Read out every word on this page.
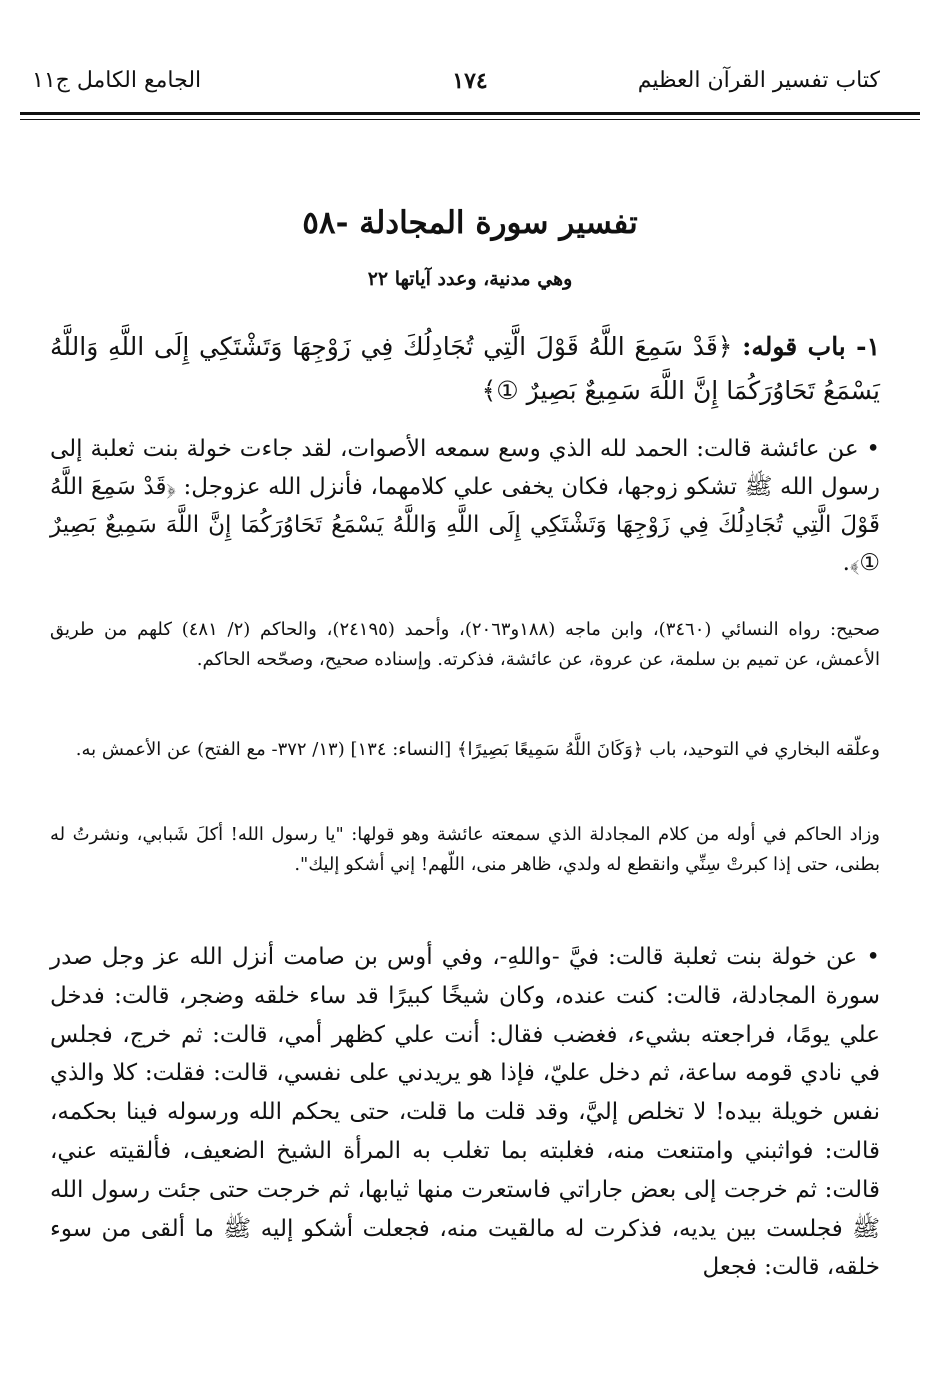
كتاب تفسير القرآن العظيم
١٧٤
الجامع الكامل ج١١
تفسير سورة المجادلة -٥٨
وهي مدنية، وعدد آياتها ٢٢
١- باب قوله: ﴿قَدْ سَمِعَ اللَّهُ قَوْلَ الَّتِي تُجَادِلُكَ فِي زَوْجِهَا وَتَشْتَكِي إِلَى اللَّهِ وَاللَّهُ يَسْمَعُ تَحَاوُرَكُمَا إِنَّ اللَّهَ سَمِيعٌ بَصِيرٌ ①﴾
• عن عائشة قالت: الحمد لله الذي وسع سمعه الأصوات، لقد جاءت خولة بنت ثعلبة إلى رسول الله ﷺ تشكو زوجها، فكان يخفى علي كلامهما، فأنزل الله عزوجل: ﴿قَدْ سَمِعَ اللَّهُ قَوْلَ الَّتِي تُجَادِلُكَ فِي زَوْجِهَا وَتَشْتَكِي إِلَى اللَّهِ وَاللَّهُ يَسْمَعُ تَحَاوُرَكُمَا إِنَّ اللَّهَ سَمِيعٌ بَصِيرٌ ①﴾.
صحيح: رواه النسائي (٣٤٦٠)، وابن ماجه (١٨٨و٢٠٦٣)، وأحمد (٢٤١٩٥)، والحاكم (٢/ ٤٨١) كلهم من طريق الأعمش، عن تميم بن سلمة، عن عروة، عن عائشة، فذكرته. وإسناده صحيح، وصحّحه الحاكم.
وعلّقه البخاري في التوحيد، باب ﴿وَكَانَ اللَّهُ سَمِيعًا بَصِيرًا﴾ [النساء: ١٣٤] (١٣/ ٣٧٢- مع الفتح) عن الأعمش به.
وزاد الحاكم في أوله من كلام المجادلة الذي سمعته عائشة وهو قولها: "يا رسول الله! أكلَ شَبابي، ونشرتُ له بطنى، حتى إذا كبرتْ سِنِّي وانقطع له ولدي، ظاهر منى، اللّهم! إني أشكو إليك".
• عن خولة بنت ثعلبة قالت: فيَّ -واللهِ-، وفي أوس بن صامت أنزل الله عز وجل صدر سورة المجادلة، قالت: كنت عنده، وكان شيخًا كبيرًا قد ساء خلقه وضجر، قالت: فدخل علي يومًا، فراجعته بشيء، فغضب فقال: أنت علي كظهر أمي، قالت: ثم خرج، فجلس في نادي قومه ساعة، ثم دخل عليّ، فإذا هو يريدني على نفسي، قالت: فقلت: كلا والذي نفس خويلة بيده! لا تخلص إليَّ، وقد قلت ما قلت، حتى يحكم الله ورسوله فينا بحكمه، قالت: فواثبني وامتنعت منه، فغلبته بما تغلب به المرأة الشيخ الضعيف، فألقيته عني، قالت: ثم خرجت إلى بعض جاراتي فاستعرت منها ثيابها، ثم خرجت حتى جئت رسول الله ﷺ فجلست بين يديه، فذكرت له مالقيت منه، فجعلت أشكو إليه ﷺ ما ألقى من سوء خلقه، قالت: فجعل
